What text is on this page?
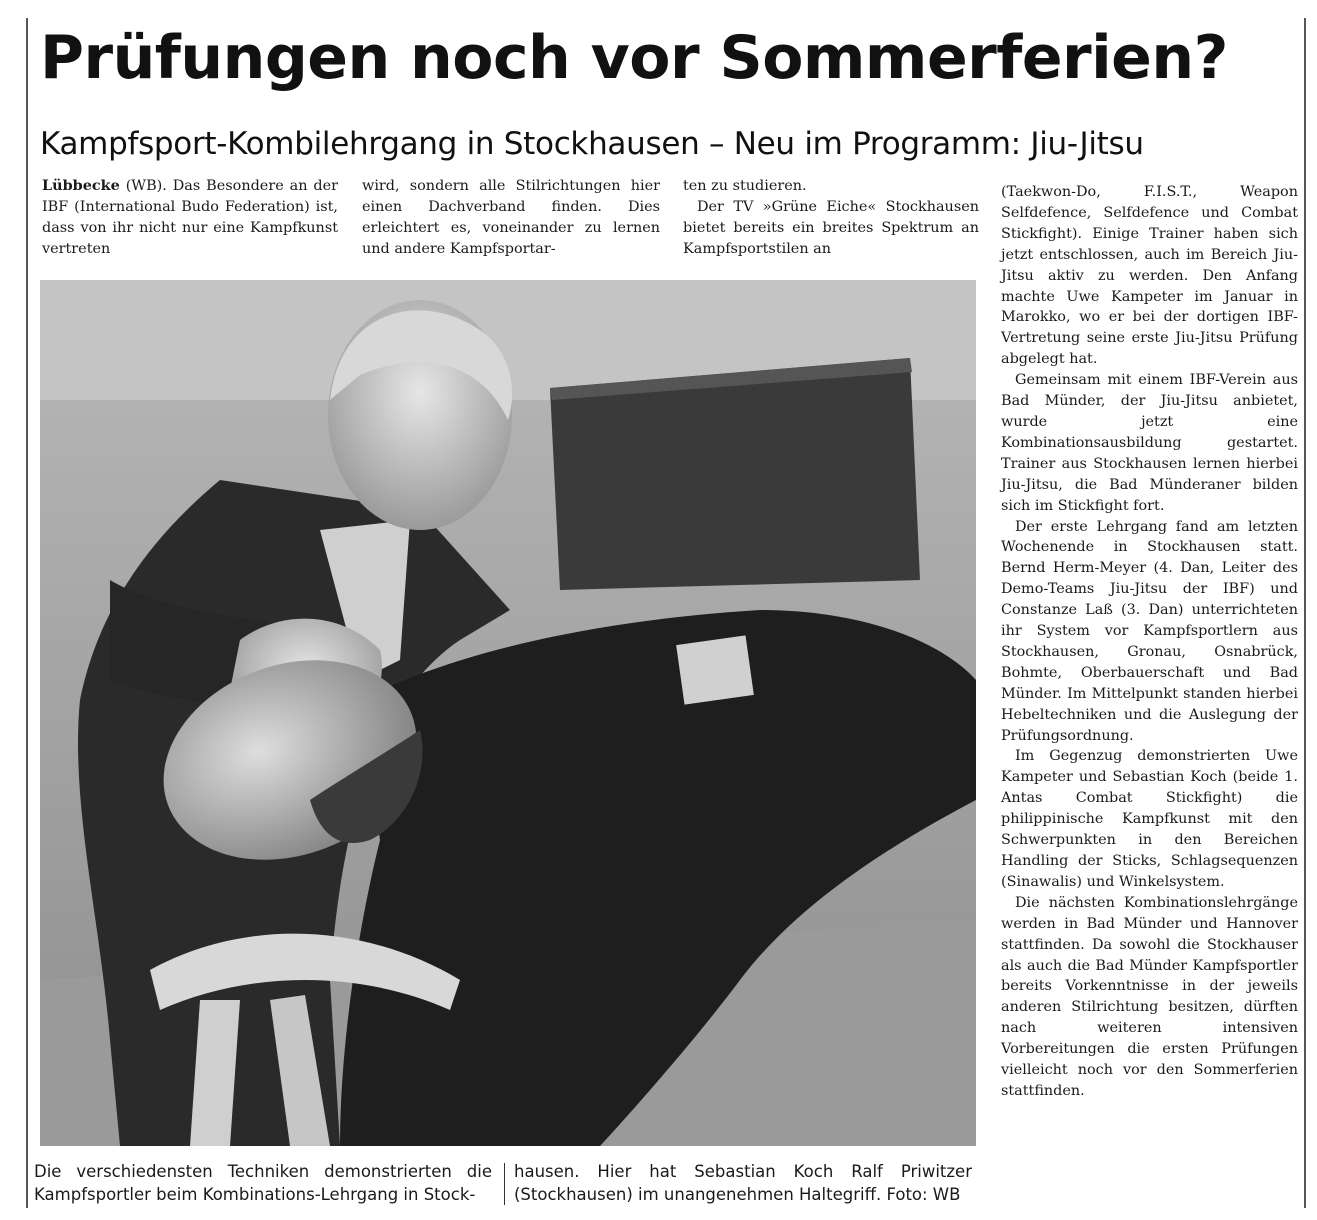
Prüfungen noch vor Sommerferien?
Kampfsport-Kombilehrgang in Stockhausen – Neu im Programm: Jiu-Jitsu

Lübbecke (WB). Das Besondere an der IBF (International Budo Federation) ist, dass von ihr nicht nur eine Kampfkunst vertreten

wird, sondern alle Stilrichtungen hier einen Dachverband finden. Dies erleichtert es, voneinander zu lernen und andere Kampfsportar-

ten zu studieren.

Der TV »Grüne Eiche« Stockhausen bietet bereits ein breites Spektrum an Kampfsportstilen an

(Taekwon-Do, F.I.S.T., Weapon Selfdefence, Selfdefence und Combat Stickfight). Einige Trainer haben sich jetzt entschlossen, auch im Bereich Jiu-Jitsu aktiv zu werden. Den Anfang machte Uwe Kampeter im Januar in Marokko, wo er bei der dortigen IBF-Vertretung seine erste Jiu-Jitsu Prüfung abgelegt hat.

Gemeinsam mit einem IBF-Verein aus Bad Münder, der Jiu-Jitsu anbietet, wurde jetzt eine Kombinationsausbildung gestartet. Trainer aus Stockhausen lernen hierbei Jiu-Jitsu, die Bad Münderaner bilden sich im Stickfight fort.

Der erste Lehrgang fand am letzten Wochenende in Stockhausen statt. Bernd Herm-Meyer (4. Dan, Leiter des Demo-Teams Jiu-Jitsu der IBF) und Constanze Laß (3. Dan) unterrichteten ihr System vor Kampfsportlern aus Stockhausen, Gronau, Osnabrück, Bohmte, Oberbauerschaft und Bad Münder. Im Mittelpunkt standen hierbei Hebeltechniken und die Auslegung der Prüfungsordnung.

Im Gegenzug demonstrierten Uwe Kampeter und Sebastian Koch (beide 1. Antas Combat Stickfight) die philippinische Kampfkunst mit den Schwerpunkten in den Bereichen Handling der Sticks, Schlagsequenzen (Sinawalis) und Winkelsystem.

Die nächsten Kombinationslehrgänge werden in Bad Münder und Hannover stattfinden. Da sowohl die Stockhauser als auch die Bad Münder Kampfsportler bereits Vorkenntnisse in der jeweils anderen Stilrichtung besitzen, dürften nach weiteren intensiven Vorbereitungen die ersten Prüfungen vielleicht noch vor den Sommerferien stattfinden.

Die verschiedensten Techniken demonstrierten die Kampfsportler beim Kombinations-Lehrgang in Stock-
hausen. Hier hat Sebastian Koch Ralf Priwitzer (Stockhausen) im unangenehmen Haltegriff. Foto: WB
